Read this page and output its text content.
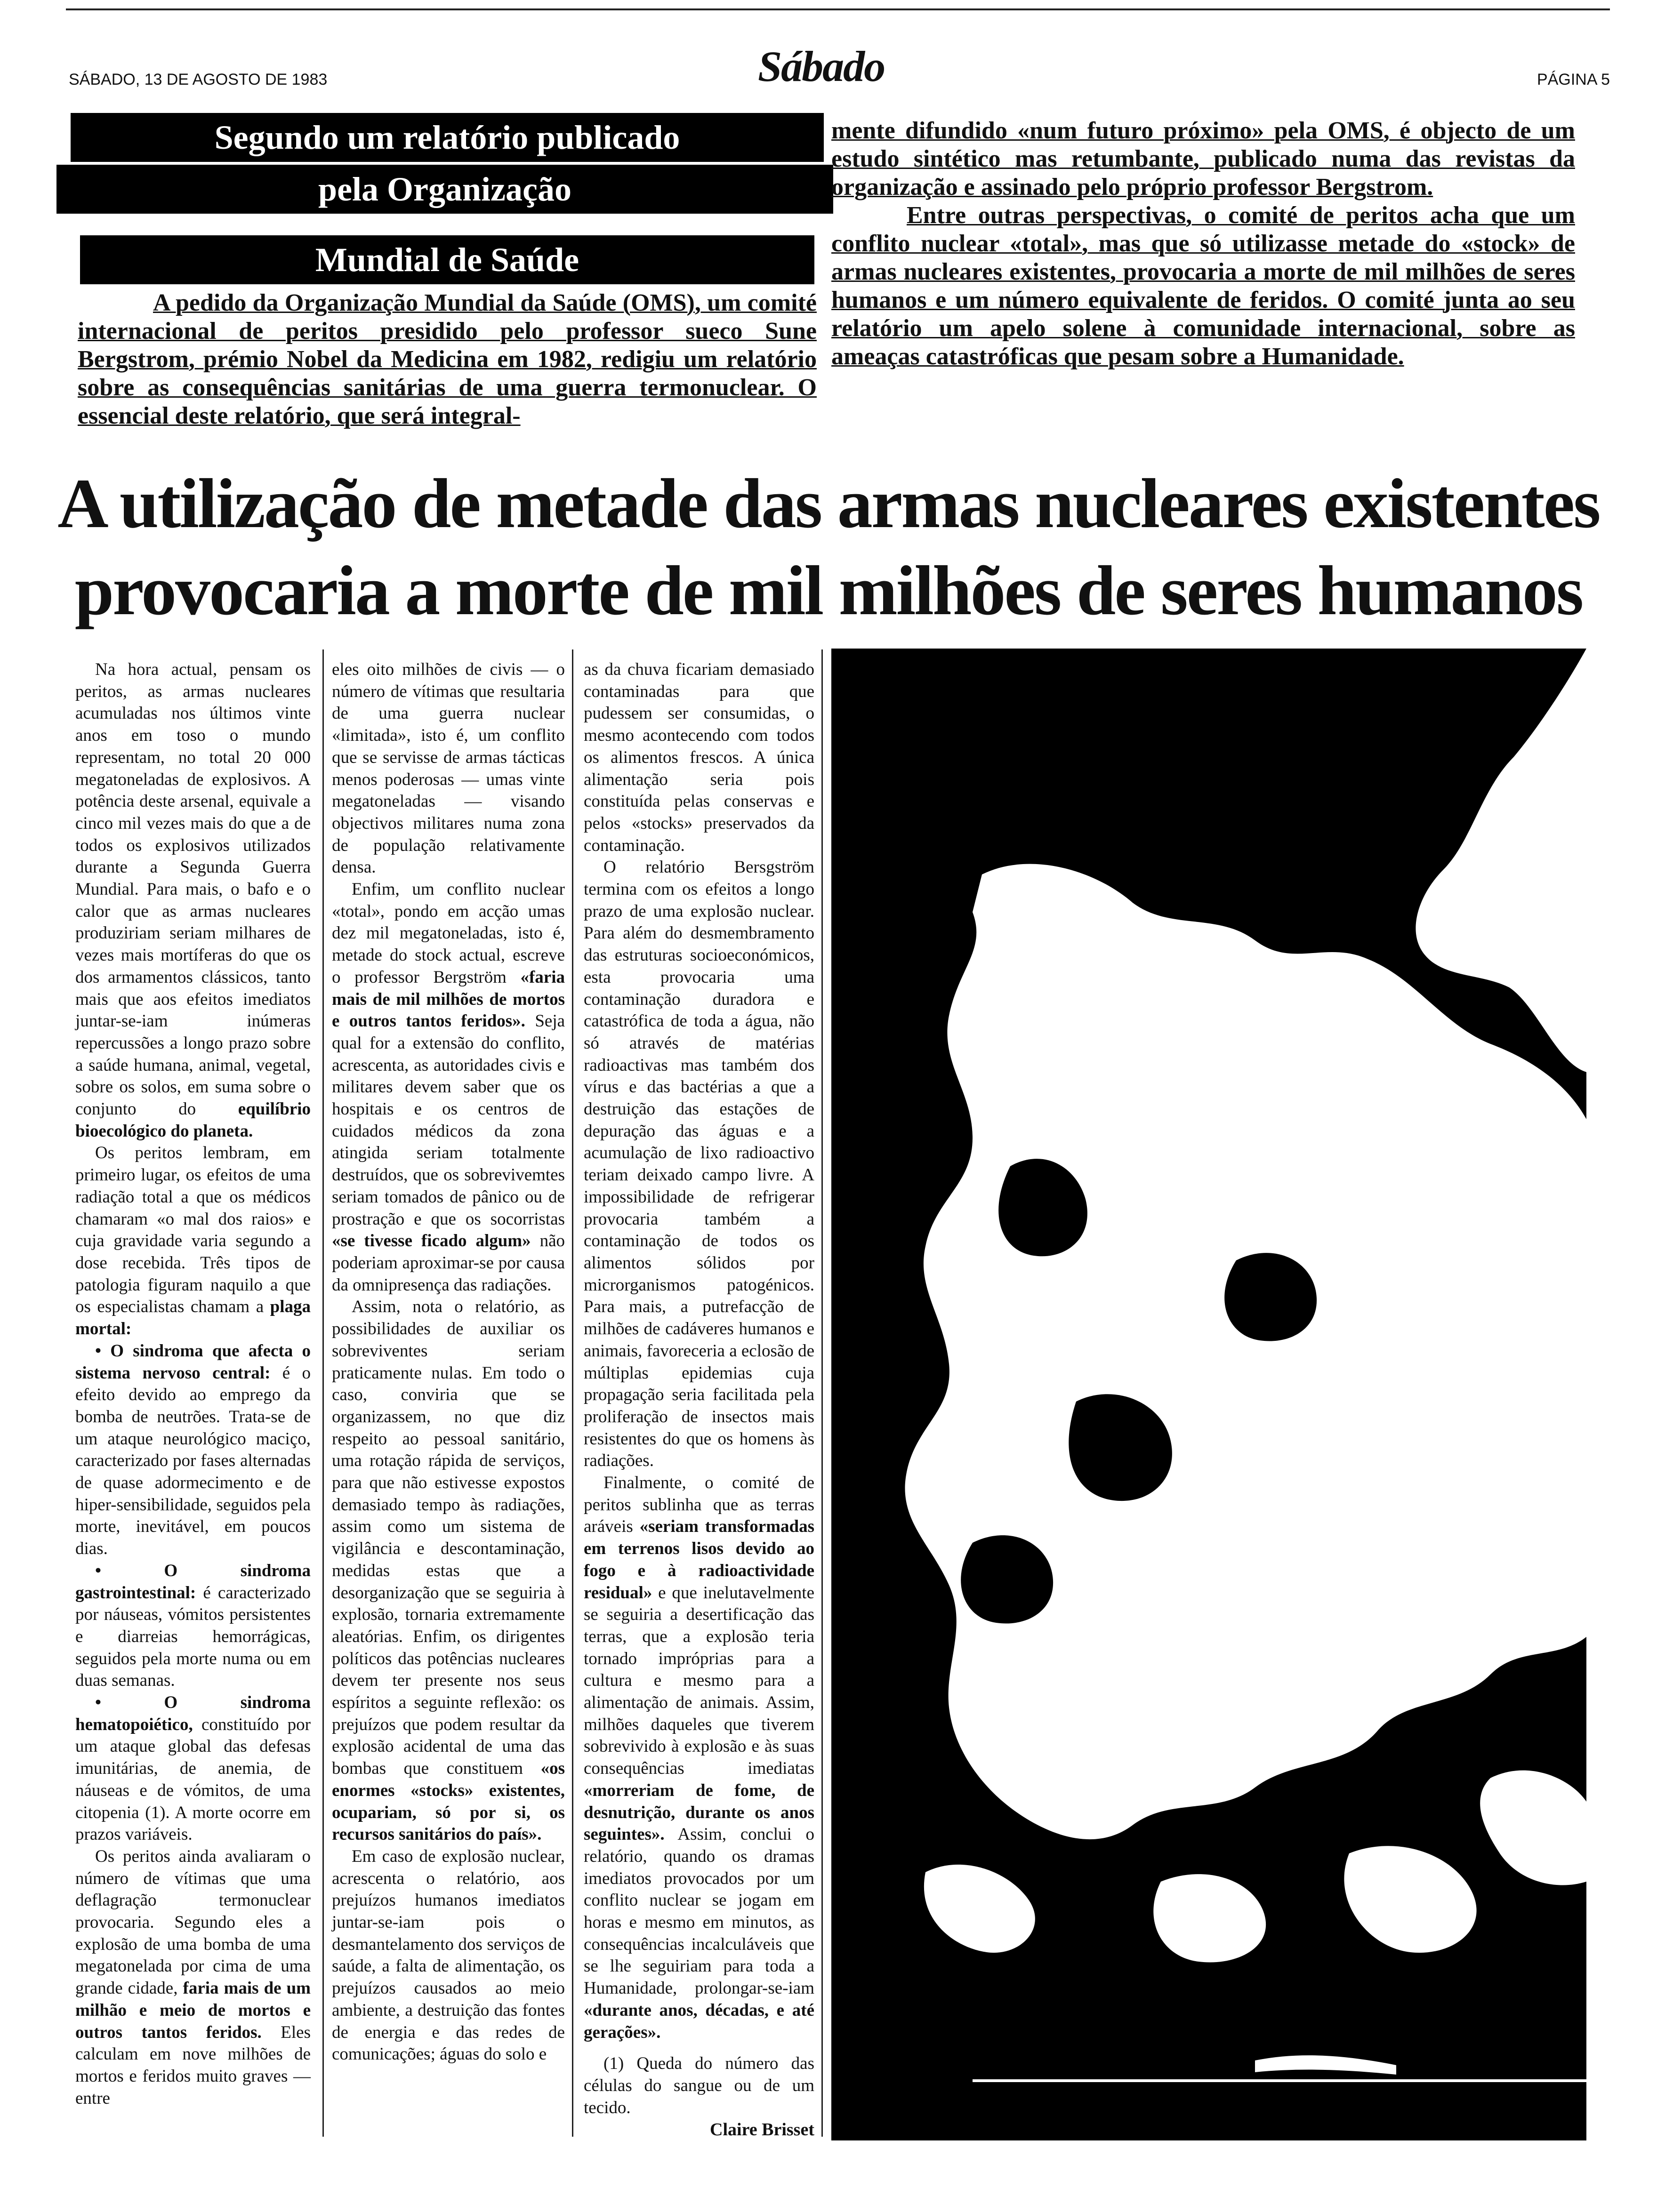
SÁBADO, 13 DE AGOSTO DE 1983	Sábado	PÁGINA 5
Segundo um relatório publicado
pela Organização
Mundial de Saúde

A pedido da Organização Mundial da Saúde (OMS), um comité internacional de peritos presidido pelo professor sueco Sune Bergstrom, prémio Nobel da Medicina em 1982, redigiu um relatório sobre as consequências sanitárias de uma guerra termonuclear. O essencial deste relatório, que será integral-

mente difundido «num futuro próximo» pela OMS, é objecto de um estudo sintético mas retumbante, publicado numa das revistas da organização e assinado pelo próprio professor Bergstrom.

Entre outras perspectivas, o comité de peritos acha que um conflito nuclear «total», mas que só utilizasse metade do «stock» de armas nucleares existentes, provocaria a morte de mil milhões de seres humanos e um número equivalente de feridos. O comité junta ao seu relatório um apelo solene à comunidade internacional, sobre as ameaças catastróficas que pesam sobre a Humanidade.

A utilização de metade das armas nucleares existentes
provocaria a morte de mil milhões de seres humanos

Na hora actual, pensam os peritos, as armas nucleares acumuladas nos últimos vinte anos em toso o mundo representam, no total 20 000 megatoneladas de explosivos. A potência deste arsenal, equivale a cinco mil vezes mais do que a de todos os explosivos utilizados durante a Segunda Guerra Mundial. Para mais, o bafo e o calor que as armas nucleares produziriam seriam milhares de vezes mais mortíferas do que os dos armamentos clássicos, tanto mais que aos efeitos imediatos juntar-se-iam inúmeras repercussões a longo prazo sobre a saúde humana, animal, vegetal, sobre os solos, em suma sobre o conjunto do equilíbrio bioecológico do planeta.

Os peritos lembram, em primeiro lugar, os efeitos de uma radiação total a que os médicos chamaram «o mal dos raios» e cuja gravidade varia segundo a dose recebida. Três tipos de patologia figuram naquilo a que os especialistas chamam a plaga mortal:

• O sindroma que afecta o sistema nervoso central: é o efeito devido ao emprego da bomba de neutrões. Trata-se de um ataque neurológico maciço, caracterizado por fases alternadas de quase adormecimento e de hiper-sensibilidade, seguidos pela morte, inevitável, em poucos dias.

• O sindroma gastrointestinal: é caracterizado por náuseas, vómitos persistentes e diarreias hemorrágicas, seguidos pela morte numa ou em duas semanas.

• O sindroma hematopoiético, constituído por um ataque global das defesas imunitárias, de anemia, de náuseas e de vómitos, de uma citopenia (1). A morte ocorre em prazos variáveis.

Os peritos ainda avaliaram o número de vítimas que uma deflagração termonuclear provocaria. Segundo eles a explosão de uma bomba de uma megatonelada por cima de uma grande cidade, faria mais de um milhão e meio de mortos e outros tantos feridos. Eles calculam em nove milhões de mortos e feridos muito graves — entre

eles oito milhões de civis — o número de vítimas que resultaria de uma guerra nuclear «limitada», isto é, um conflito que se servisse de armas tácticas menos poderosas — umas vinte megatoneladas — visando objectivos militares numa zona de população relativamente densa.

Enfim, um conflito nuclear «total», pondo em acção umas dez mil megatoneladas, isto é, metade do stock actual, escreve o professor Bergström «faria mais de mil milhões de mortos e outros tantos feridos». Seja qual for a extensão do conflito, acrescenta, as autoridades civis e militares devem saber que os hospitais e os centros de cuidados médicos da zona atingida seriam totalmente destruídos, que os sobrevivemtes seriam tomados de pânico ou de prostração e que os socorristas «se tivesse ficado algum» não poderiam aproximar-se por causa da omnipresença das radiações.

Assim, nota o relatório, as possibilidades de auxiliar os sobreviventes seriam praticamente nulas. Em todo o caso, conviria que se organizassem, no que diz respeito ao pessoal sanitário, uma rotação rápida de serviços, para que não estivesse expostos demasiado tempo às radiações, assim como um sistema de vigilância e descontaminação, medidas estas que a desorganização que se seguiria à explosão, tornaria extremamente aleatórias. Enfim, os dirigentes políticos das potências nucleares devem ter presente nos seus espíritos a seguinte reflexão: os prejuízos que podem resultar da explosão acidental de uma das bombas que constituem «os enormes «stocks» existentes, ocupariam, só por si, os recursos sanitários do país».

Em caso de explosão nuclear, acrescenta o relatório, aos prejuízos humanos imediatos juntar-se-iam pois o desmantelamento dos serviços de saúde, a falta de alimentação, os prejuízos causados ao meio ambiente, a destruição das fontes de energia e das redes de comunicações; águas do solo e

as da chuva ficariam demasiado contaminadas para que pudessem ser consumidas, o mesmo acontecendo com todos os alimentos frescos. A única alimentação seria pois constituída pelas conservas e pelos «stocks» preservados da contaminação.

O relatório Bersgström termina com os efeitos a longo prazo de uma explosão nuclear. Para além do desmembramento das estruturas socioeconómicos, esta provocaria uma contaminação duradora e catastrófica de toda a água, não só através de matérias radioactivas mas também dos vírus e das bactérias a que a destruição das estações de depuração das águas e a acumulação de lixo radioactivo teriam deixado campo livre. A impossibilidade de refrigerar provocaria também a contaminação de todos os alimentos sólidos por microrganismos patogénicos. Para mais, a putrefacção de milhões de cadáveres humanos e animais, favoreceria a eclosão de múltiplas epidemias cuja propagação seria facilitada pela proliferação de insectos mais resistentes do que os homens às radiações.

Finalmente, o comité de peritos sublinha que as terras aráveis «seriam transformadas em terrenos lisos devido ao fogo e à radioactividade residual» e que inelutavelmente se seguiria a desertificação das terras, que a explosão teria tornado impróprias para a cultura e mesmo para a alimentação de animais. Assim, milhões daqueles que tiverem sobrevivido à explosão e às suas consequências imediatas «morreriam de fome, de desnutrição, durante os anos seguintes». Assim, conclui o relatório, quando os dramas imediatos provocados por um conflito nuclear se jogam em horas e mesmo em minutos, as consequências incalculáveis que se lhe seguiriam para toda a Humanidade, prolongar-se-iam «durante anos, décadas, e até gerações».

(1) Queda do número das células do sangue ou de um tecido.

Claire Brisset
